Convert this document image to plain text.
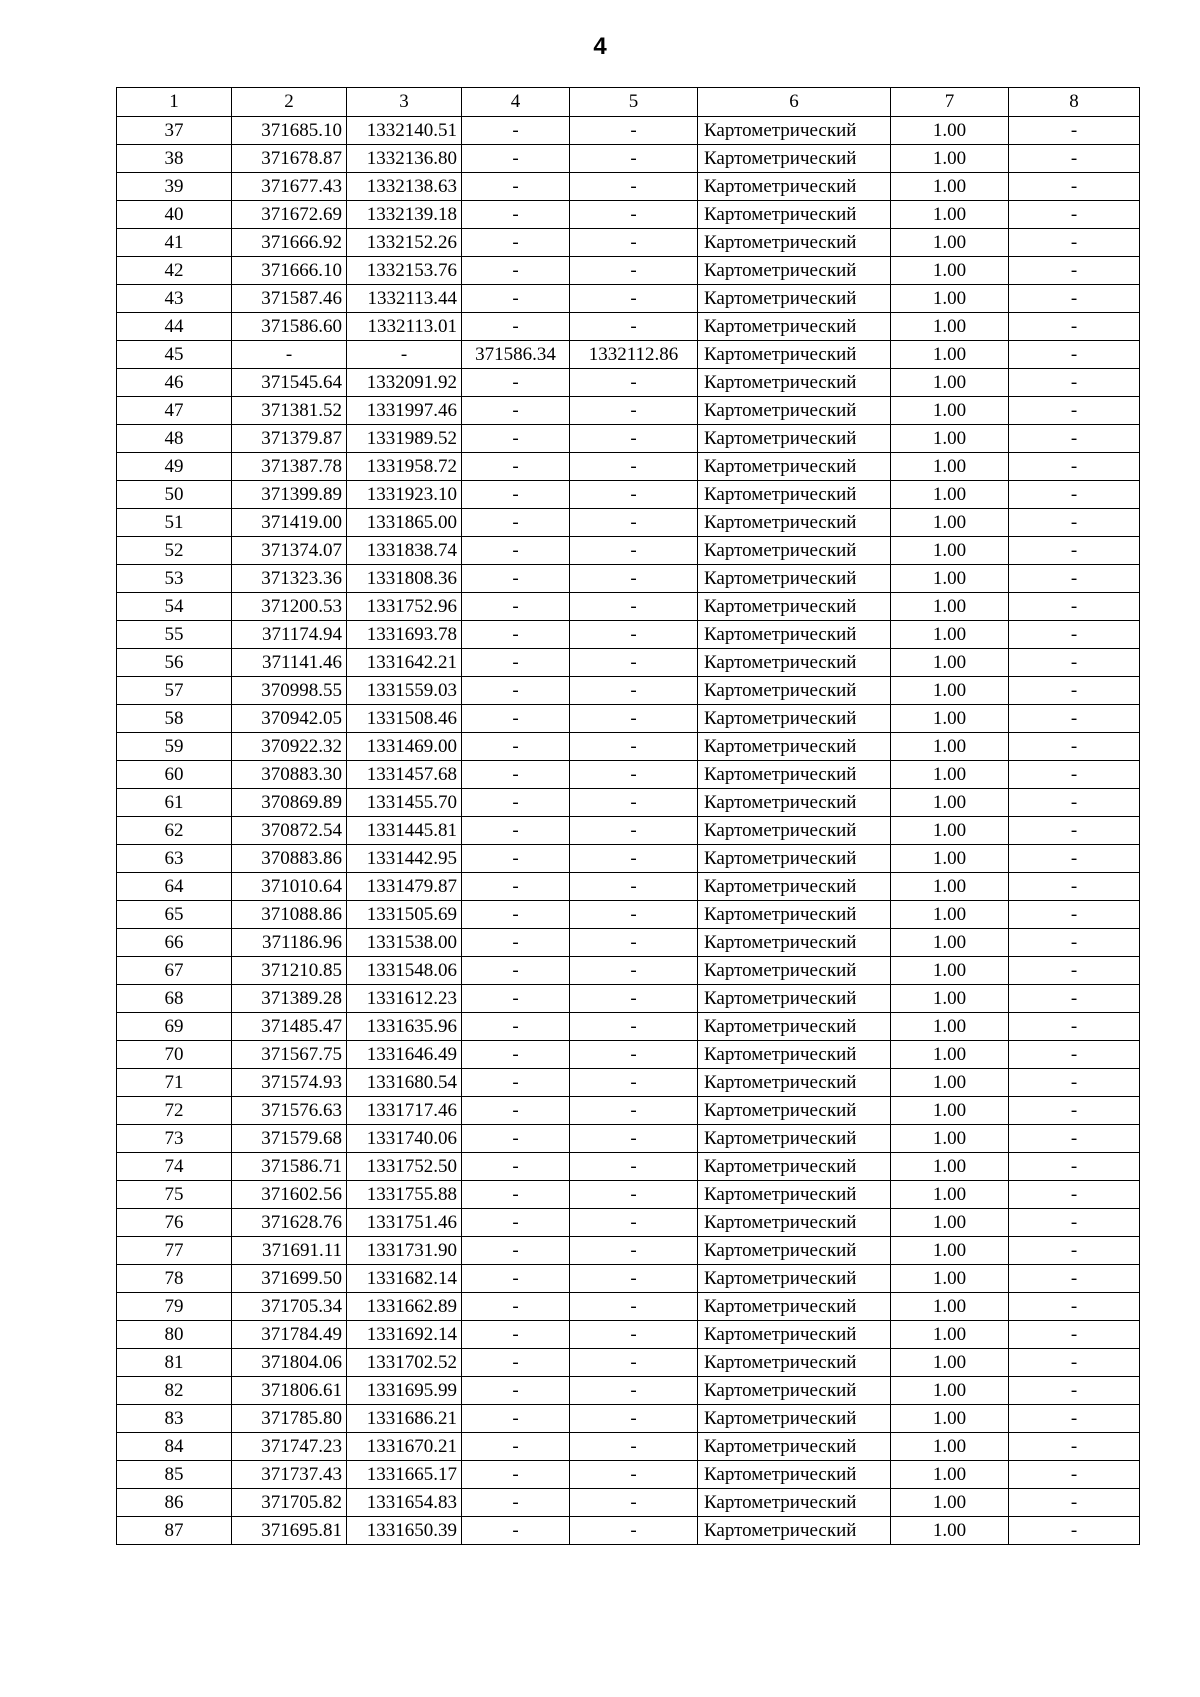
4
1	2	3	4	5	6	7	8
37	371685.10	1332140.51	-	-	Картометрический	1.00	-
38	371678.87	1332136.80	-	-	Картометрический	1.00	-
39	371677.43	1332138.63	-	-	Картометрический	1.00	-
40	371672.69	1332139.18	-	-	Картометрический	1.00	-
41	371666.92	1332152.26	-	-	Картометрический	1.00	-
42	371666.10	1332153.76	-	-	Картометрический	1.00	-
43	371587.46	1332113.44	-	-	Картометрический	1.00	-
44	371586.60	1332113.01	-	-	Картометрический	1.00	-
45	-	-	371586.34	1332112.86	Картометрический	1.00	-
46	371545.64	1332091.92	-	-	Картометрический	1.00	-
47	371381.52	1331997.46	-	-	Картометрический	1.00	-
48	371379.87	1331989.52	-	-	Картометрический	1.00	-
49	371387.78	1331958.72	-	-	Картометрический	1.00	-
50	371399.89	1331923.10	-	-	Картометрический	1.00	-
51	371419.00	1331865.00	-	-	Картометрический	1.00	-
52	371374.07	1331838.74	-	-	Картометрический	1.00	-
53	371323.36	1331808.36	-	-	Картометрический	1.00	-
54	371200.53	1331752.96	-	-	Картометрический	1.00	-
55	371174.94	1331693.78	-	-	Картометрический	1.00	-
56	371141.46	1331642.21	-	-	Картометрический	1.00	-
57	370998.55	1331559.03	-	-	Картометрический	1.00	-
58	370942.05	1331508.46	-	-	Картометрический	1.00	-
59	370922.32	1331469.00	-	-	Картометрический	1.00	-
60	370883.30	1331457.68	-	-	Картометрический	1.00	-
61	370869.89	1331455.70	-	-	Картометрический	1.00	-
62	370872.54	1331445.81	-	-	Картометрический	1.00	-
63	370883.86	1331442.95	-	-	Картометрический	1.00	-
64	371010.64	1331479.87	-	-	Картометрический	1.00	-
65	371088.86	1331505.69	-	-	Картометрический	1.00	-
66	371186.96	1331538.00	-	-	Картометрический	1.00	-
67	371210.85	1331548.06	-	-	Картометрический	1.00	-
68	371389.28	1331612.23	-	-	Картометрический	1.00	-
69	371485.47	1331635.96	-	-	Картометрический	1.00	-
70	371567.75	1331646.49	-	-	Картометрический	1.00	-
71	371574.93	1331680.54	-	-	Картометрический	1.00	-
72	371576.63	1331717.46	-	-	Картометрический	1.00	-
73	371579.68	1331740.06	-	-	Картометрический	1.00	-
74	371586.71	1331752.50	-	-	Картометрический	1.00	-
75	371602.56	1331755.88	-	-	Картометрический	1.00	-
76	371628.76	1331751.46	-	-	Картометрический	1.00	-
77	371691.11	1331731.90	-	-	Картометрический	1.00	-
78	371699.50	1331682.14	-	-	Картометрический	1.00	-
79	371705.34	1331662.89	-	-	Картометрический	1.00	-
80	371784.49	1331692.14	-	-	Картометрический	1.00	-
81	371804.06	1331702.52	-	-	Картометрический	1.00	-
82	371806.61	1331695.99	-	-	Картометрический	1.00	-
83	371785.80	1331686.21	-	-	Картометрический	1.00	-
84	371747.23	1331670.21	-	-	Картометрический	1.00	-
85	371737.43	1331665.17	-	-	Картометрический	1.00	-
86	371705.82	1331654.83	-	-	Картометрический	1.00	-
87	371695.81	1331650.39	-	-	Картометрический	1.00	-
